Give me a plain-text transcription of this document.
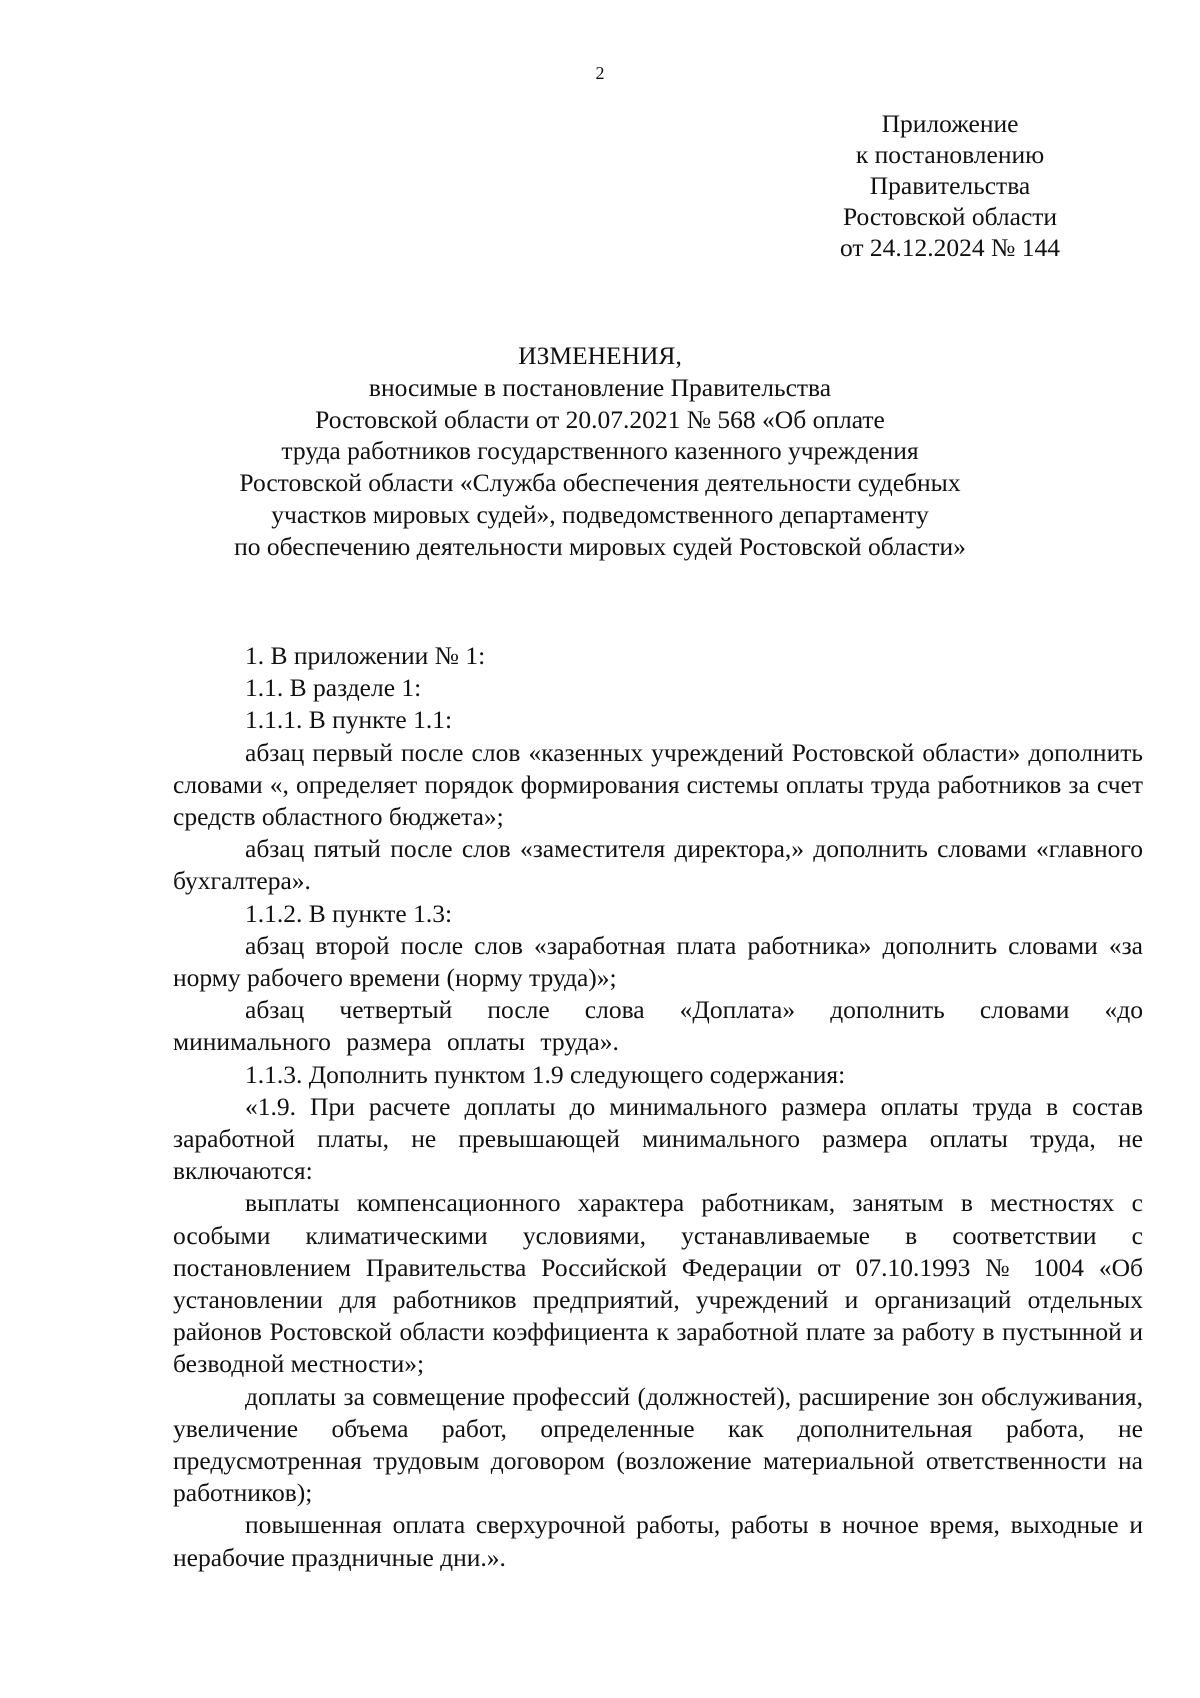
2
Приложение
к постановлению
Правительства
Ростовской области
от 24.12.2024 № 144
ИЗМЕНЕНИЯ,
вносимые в постановление Правительства
Ростовской области от 20.07.2021 № 568 «Об оплате
труда работников государственного казенного учреждения
Ростовской области «Служба обеспечения деятельности судебных
участков мировых судей», подведомственного департаменту
по обеспечению деятельности мировых судей Ростовской области»

1. В приложении № 1:

1.1. В разделе 1:

1.1.1. В пункте 1.1:

абзац первый после слов «казенных учреждений Ростовской области» дополнить словами «, определяет порядок формирования системы оплаты труда работников за счет средств областного бюджета»;

абзац пятый после слов «заместителя директора,» дополнить словами «главного бухгалтера».

1.1.2. В пункте 1.3:

абзац второй после слов «заработная плата работника» дополнить словами «за норму рабочего времени (норму труда)»;

абзац четвертый после слова «Доплата» дополнить словами «до минимального размера оплаты труда».

1.1.3. Дополнить пунктом 1.9 следующего содержания:

«1.9. При расчете доплаты до минимального размера оплаты труда в состав заработной платы, не превышающей минимального размера оплаты труда, не включаются:

выплаты компенсационного характера работникам, занятым в местностях с особыми климатическими условиями, устанавливаемые в соответствии с постановлением Правительства Российской Федерации от 07.10.1993 № 1004 «Об установлении для работников предприятий, учреждений и организаций отдельных районов Ростовской области коэффициента к заработной плате за работу в пустынной и безводной местности»;

доплаты за совмещение профессий (должностей), расширение зон обслуживания, увеличение объема работ, определенные как дополнительная работа, не предусмотренная трудовым договором (возложение материальной ответственности на работников);

повышенная оплата сверхурочной работы, работы в ночное время, выходные и нерабочие праздничные дни.».
